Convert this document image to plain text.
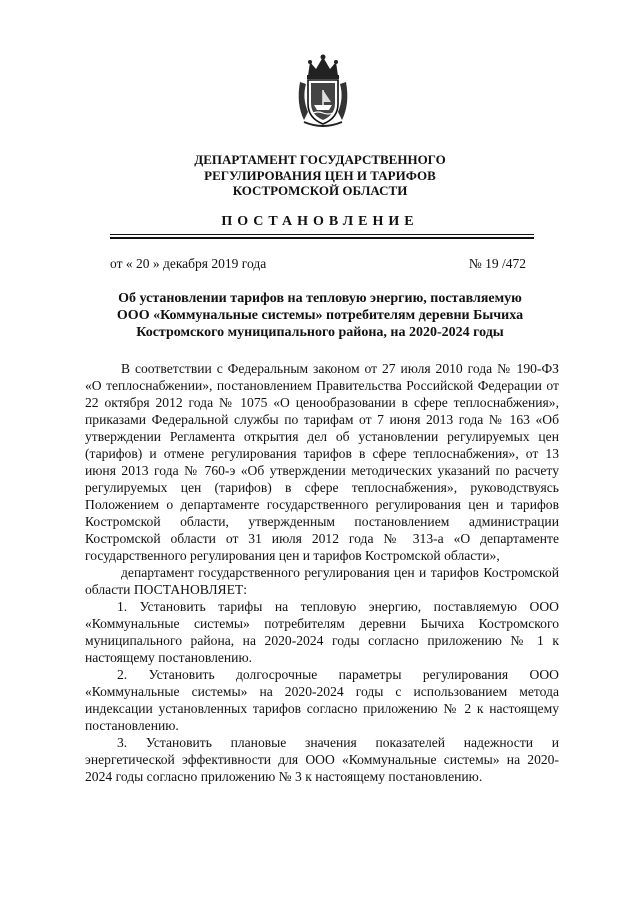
ДЕПАРТАМЕНТ ГОСУДАРСТВЕННОГО
РЕГУЛИРОВАНИЯ ЦЕН И ТАРИФОВ
КОСТРОМСКОЙ ОБЛАСТИ
ПОСТАНОВЛЕНИЕ
от « 20 » декабря 2019 года	№ 19 /472
Об установлении тарифов на тепловую энергию, поставляемую
ООО «Коммунальные системы» потребителям деревни Бычиха
Костромского муниципального района, на 2020-2024 годы

В соответствии с Федеральным законом от 27 июля 2010 года № 190-ФЗ «О теплоснабжении», постановлением Правительства Российской Федерации от 22 октября 2012 года № 1075 «О ценообразовании в сфере теплоснабжения», приказами Федеральной службы по тарифам от 7 июня 2013 года № 163 «Об утверждении Регламента открытия дел об установлении регулируемых цен (тарифов) и отмене регулирования тарифов в сфере теплоснабжения», от 13 июня 2013 года № 760-э «Об утверждении методических указаний по расчету регулируемых цен (тарифов) в сфере теплоснабжения», руководствуясь Положением о департаменте государственного регулирования цен и тарифов Костромской области, утвержденным постановлением администрации Костромской области от 31 июля 2012 года № 313-а «О департаменте государственного регулирования цен и тарифов Костромской области»,

департамент государственного регулирования цен и тарифов Костромской области ПОСТАНОВЛЯЕТ:

1. Установить тарифы на тепловую энергию, поставляемую ООО «Коммунальные системы» потребителям деревни Бычиха Костромского муниципального района, на 2020-2024 годы согласно приложению № 1 к настоящему постановлению.

2. Установить долгосрочные параметры регулирования ООО «Коммунальные системы» на 2020-2024 годы с использованием метода индексации установленных тарифов согласно приложению № 2 к настоящему постановлению.

3. Установить плановые значения показателей надежности и энергетической эффективности для ООО «Коммунальные системы» на 2020-2024 годы согласно приложению № 3 к настоящему постановлению.
